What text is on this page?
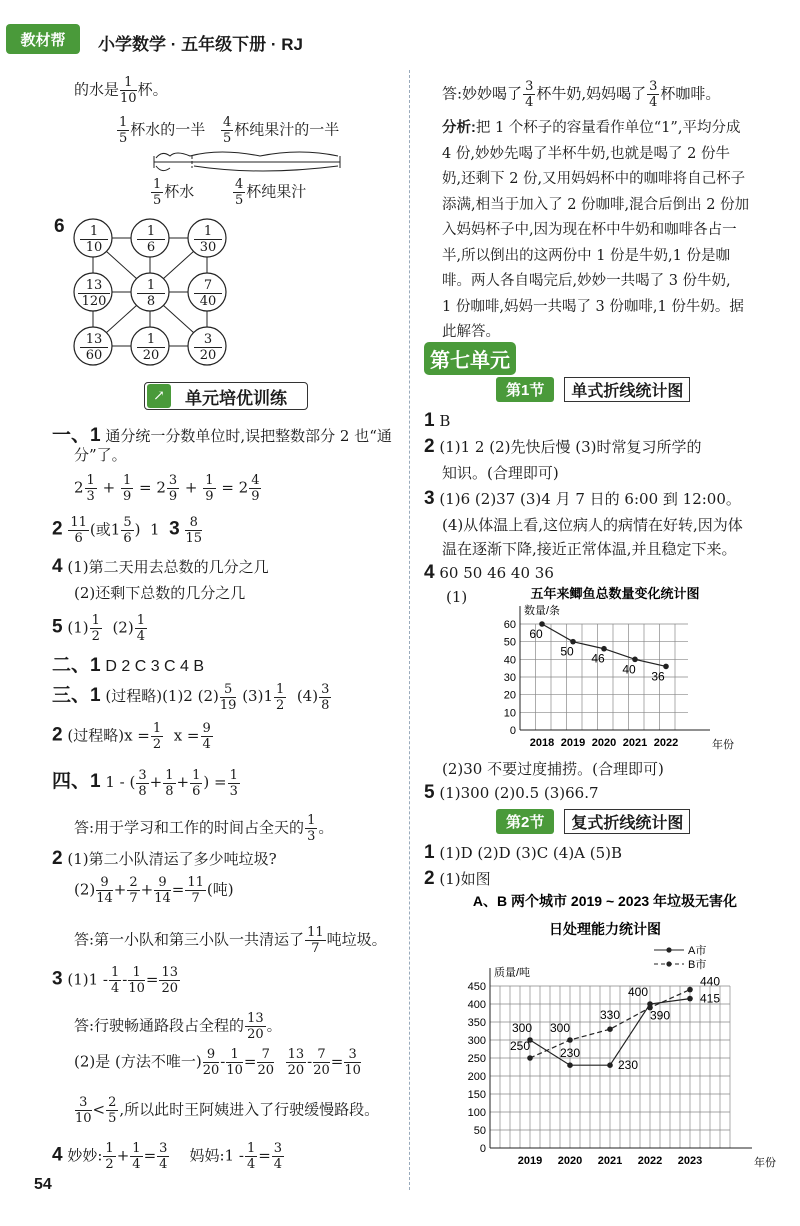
教材帮 小学数学 · 五年级下册 · RJ
的水是 $\frac{1}{10}$ 杯。
$\frac{1}{5}$ 杯水的一半 $\frac{4}{5}$ 杯纯果汁的一半
$\frac{1}{5}$ 杯水	$\frac{4}{5}$ 杯纯果汁
$6 \frac{1}{10} \frac{1}{6} \frac{1}{30}$
$\frac{13}{120} \frac{1}{8} \frac{7}{40}$
$\frac{13}{60} \frac{1}{20} \frac{3}{20}$
↗	单元培优训练
一、1 通分统一分数单位时,误把整数部分 2 也“通
分”了。
$2 \frac{1}{3} + \frac{1}{9} = 2 \frac{3}{9} + \frac{1}{9} = 2 \frac{4}{9}$
$2 \frac{11}{6}$ (或$1 \frac{5}{6}$ ) 1 $3 \frac{8}{15}$
4 (1)第二天用去总数的几分之几
(2)还剩下总数的几分之几
5 $(1) \frac{1}{2} (2) \frac{1}{4}$
二、1 D 2 C 3 C 4 B
三、1 (过程略)(1)2 $(2) \frac{5}{19} (3)1 \frac{1}{2} (4) \frac{3}{8}$
2 (过程略)$x = \frac{1}{2}$ $x = \frac{9}{4}$
四、1 1 - ( $\frac{3}{8} + \frac{1}{8} + \frac{1}{6}$ ) = $\frac{1}{3}$
答:用于学习和工作的时间占全天的 $\frac{1}{3}$ 。
2 (1)第二小队清运了多少吨垃圾?
$(2) \frac{9}{14} + \frac{2}{7} + \frac{9}{14} = \frac{11}{7}$ (吨)
答:第一小队和第三小队一共清运了 $\frac{11}{7}$ 吨垃圾。
3 $(1)1 - \frac{1}{4} - \frac{1}{10} = \frac{13}{20}$
答:行驶畅通路段占全程的 $\frac{13}{20}$ 。
(2)是 (方法不唯一) $\frac{9}{20} - \frac{1}{10} = \frac{7}{20}$
$\frac{13}{20} - \frac{7}{20} = \frac{3}{10}$
$\frac{3}{10} < \frac{2}{5}$ ,所以此时王阿姨进入了行驶缓慢路段。
4 妙妙: $\frac{1}{2} + \frac{1}{4} = \frac{3}{4}$ 妈妈:1 - $\frac{1}{4} = \frac{3}{4}$
54
答:妙妙喝了 $\frac{3}{4}$ 杯牛奶,妈妈喝了 $\frac{3}{4}$ 杯咖啡。
分析:把 1 个杯子的容量看作单位“1”,平均分成
4 份,妙妙先喝了半杯牛奶,也就是喝了 2 份牛
奶,还剩下 2 份,又用妈妈杯中的咖啡将自己杯子
添满,相当于加入了 2 份咖啡,混合后倒出 2 份加
入妈妈杯子中,因为现在杯中牛奶和咖啡各占一
半,所以倒出的这两份中 1 份是牛奶,1 份是咖
啡。两人各自喝完后,妙妙一共喝了 3 份牛奶,
1 份咖啡,妈妈一共喝了 3 份咖啡,1 份牛奶。据
此解答。
第七单元
第1节	单式折线统计图
1 B
2 (1)1 2 (2)先快后慢 (3)时常复习所学的
知识。(合理即可)
3 (1)6 (2)37 (3)4 月 7 日的 6:00 到 12:00。
(4)从体温上看,这位病人的病情在好转,因为体
温在逐渐下降,接近正常体温,并且稳定下来。
4 60 50 46 40 36
(1)	五年来鲫鱼总数量变化统计图
60
50
40
30
20
10
0
数量/条
年份
2018 2019 2020 2021 2022
60
50
46
40
36
(2)30 不要过度捕捞。(合理即可)
5 (1)300 (2)0.5 (3)66.7
第2节	复式折线统计图
1 (1)D (2)D (3)C (4)A (5)B
2 (1)如图
A、B 两个城市 2019 ~ 2023 年垃圾无害化
日处理能力统计图
450
400
350
300
250
200
150
100
50
0
质量/吨
年份
2019 2020 2021 2022 2023
300
230
230
400	415
250
300
330 390
440
A市
B市
